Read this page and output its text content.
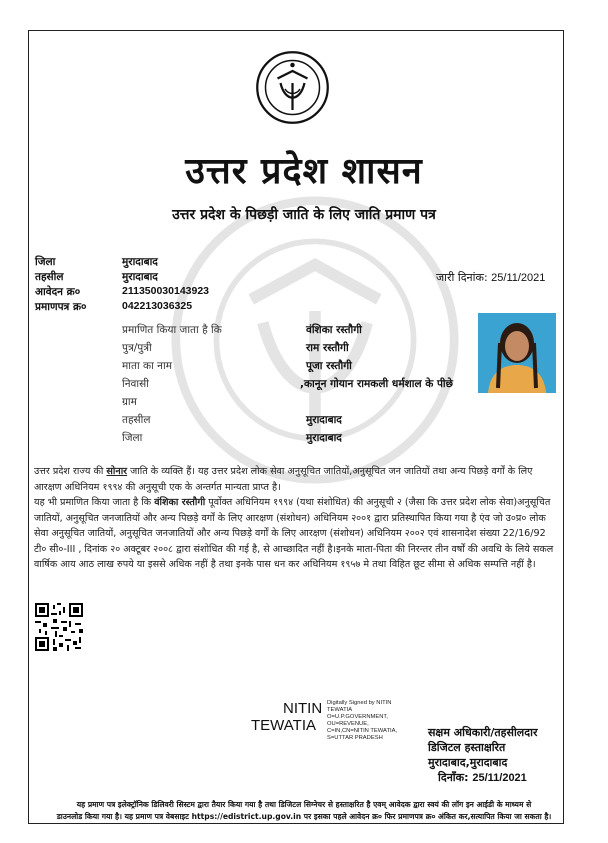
उत्तर प्रदेश शासन
उत्तर प्रदेश के पिछड़ी जाति के लिए जाति प्रमाण पत्र
जिला	मुरादाबाद
तहसील	मुरादाबाद
आवेदन क्र०	211350030143923
प्रमाणपत्र क्र०	042213036325
जारी दिनांक: 25/11/2021
प्रमाणित किया जाता है कि	वंशिका रस्तौगी
पुत्र/पुत्री	राम रस्तौगी
माता का नाम	पूजा रस्तौगी
निवासी	,कानून गोयान रामकली धर्मशाल के पीछे
ग्राम
तहसील	मुरादाबाद
जिला	मुरादाबाद

उत्तर प्रदेश राज्य की सोनार जाति के व्यक्ति हैं। यह उत्तर प्रदेश लोक सेवा अनुसूचित जातियों,अनुसूचित जन जातियों तथा अन्य पिछड़े वर्गों के लिए आरक्षण अधिनियम १९९४ की अनुसूची एक के अन्तर्गत मान्यता प्राप्त है।

यह भी प्रमाणित किया जाता है कि वंशिका रस्तौगी पूर्वोक्त अधिनियम १९९४ (यथा संशोधित) की अनुसूची २ (जैसा कि उत्तर प्रदेश लोक सेवा)अनुसूचित जातियों, अनुसूचित जनजातियों और अन्य पिछड़े वर्गों के लिए आरक्षण (संशोधन) अधिनियम २००१ द्वारा प्रतिस्थापित किया गया है एंव जो उ०प्र० लोक सेवा अनुसूचित जातियों, अनुसूचित जनजातियों और अन्य पिछड़े वर्गों के लिए आरक्षण (संशोधन) अधिनियम २००२ एवं शासनादेश संख्या 22/16/92 टी० सी०-III , दिनांक २० अक्टूबर २००८ द्वारा संशोधित की गई है, से आच्छादित नहीं है।इनके माता-पिता की निरन्तर तीन वर्षों की अवधि के लिये सकल वार्षिक आय आठ लाख रुपये या इससे अधिक नहीं है तथा इनके पास धन कर अधिनियम १९५७ मे तथा विहित छूट सीमा से अधिक सम्पत्ति नहीं है।

NITIN
TEWATIA
Digitally Signed by NITIN TEWATIA O=U.P.GOVERNMENT, OU=REVENUE, C=IN,CN=NITIN TEWATIA, S=UTTAR PRADESH	सक्षम अधिकारी/तहसीलदार
डिजिटल हस्ताक्षरित
मुरादाबाद,मुरादाबाद
दिनाँक: 25/11/2021
यह प्रमाण पत्र इलेक्ट्रॉनिक डिलिवरी सिस्टम द्वारा तैयार किया गया है तथा डिजिटल सिग्नेचर से हस्ताक्षरित है एवम् आवेदक द्वारा स्वयं की लॉग इन आई‍डी के माध्यम से
डाउनलोड किया गया है। यह प्रमाण पत्र वेबसाइट https://edistrict.up.gov.in पर इसका पहले आवेदन क्र० फिर प्रमाणपत्र क्र० अंकित कर,सत्यापित किया जा सकता है।
